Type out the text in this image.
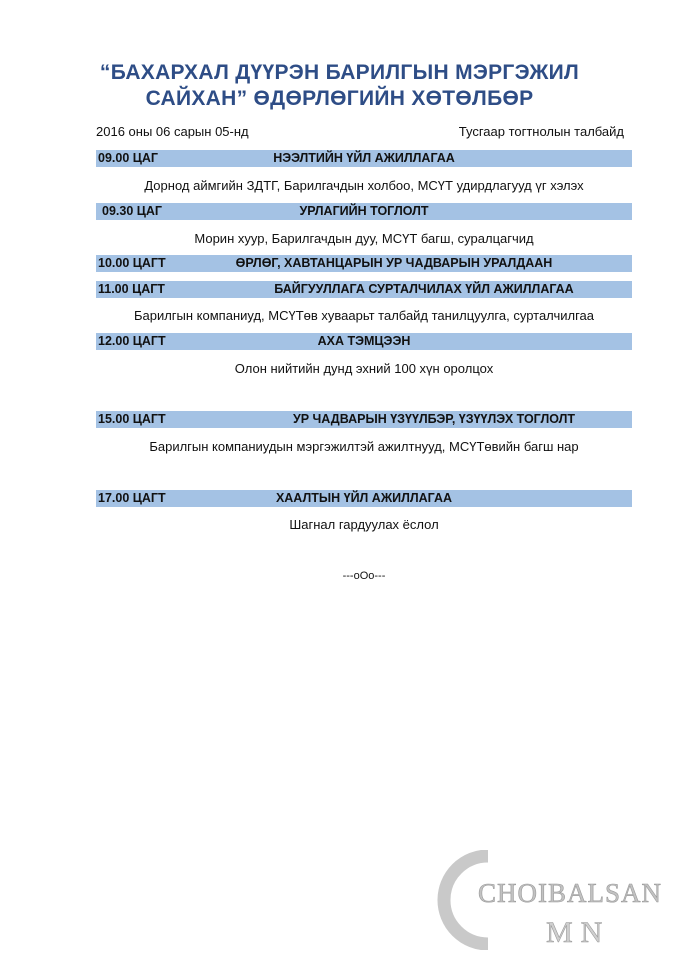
“БАХАРХАЛ ДҮҮРЭН БАРИЛГЫН МЭРГЭЖИЛ
САЙХАН” ӨДӨРЛӨГИЙН ХӨТӨЛБӨР
2016 оны 06 сарын 05-нд	Тусгаар тогтнолын талбайд
09.00 ЦАГ	НЭЭЛТИЙН ҮЙЛ АЖИЛЛАГАА
Дорнод аймгийн ЗДТГ, Барилгачдын холбоо, МСҮТ удирдлагууд үг хэлэх
09.30 ЦАГ	УРЛАГИЙН ТОГЛОЛТ
Морин хуур, Барилгачдын дуу, МСҮТ багш, суралцагчид
10.00 ЦАГТ	ӨРЛӨГ, ХАВТАНЦАРЫН УР ЧАДВАРЫН УРАЛДААН
11.00 ЦАГТ	БАЙГУУЛЛАГА СУРТАЛЧИЛАХ ҮЙЛ АЖИЛЛАГАА
Барилгын компаниуд, МСҮТөв хуваарьт талбайд танилцуулга, сурталчилгаа
12.00 ЦАГТ	АХА ТЭМЦЭЭН
Олон нийтийн дунд эхний 100 хүн оролцох
15.00 ЦАГТ	УР ЧАДВАРЫН ҮЗҮҮЛБЭР, ҮЗҮҮЛЭХ ТОГЛОЛТ
Барилгын компаниудын мэргэжилтэй ажилтнууд, МСҮТөвийн багш нар
17.00 ЦАГТ	ХААЛТЫН ҮЙЛ АЖИЛЛАГАА
Шагнал гардуулах ёслол
---оОо---
CHOIBALSAN
MN
